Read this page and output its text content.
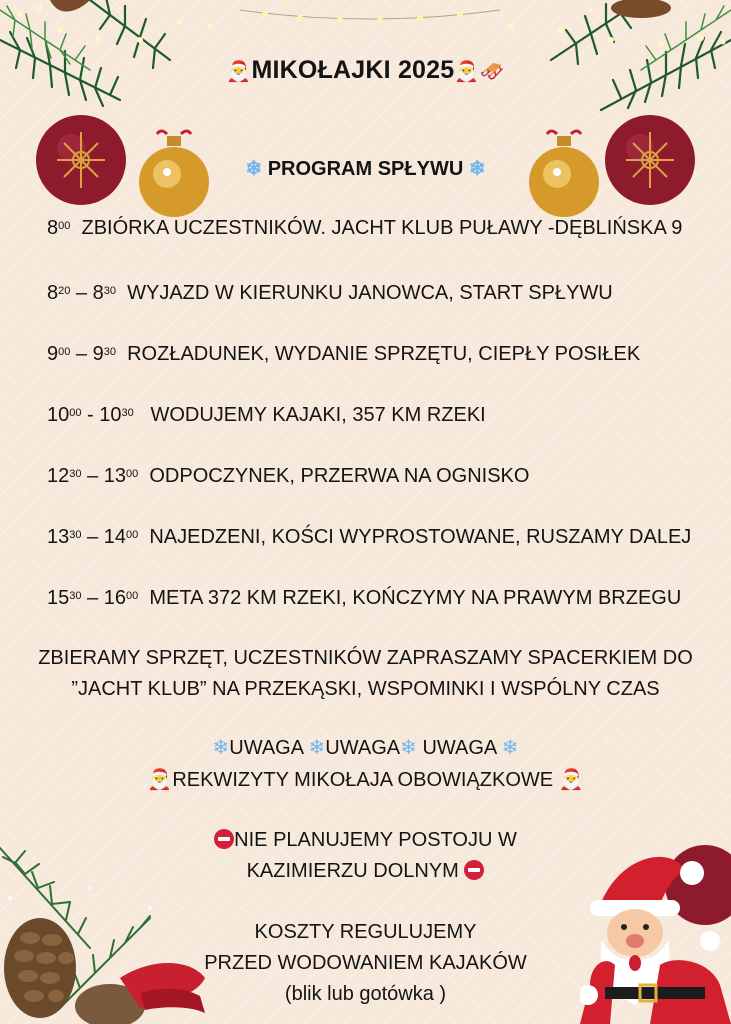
🎅MIKOŁAJKI 2025🎅🛷
❄ PROGRAM SPŁYWU ❄
$8^{00}$ ZBIÓRKA UCZESTNIKÓW. JACHT KLUB PUŁAWY -DĘBLIŃSKA 9
$8^{20} - 8^{30}$ WYJAZD W KIERUNKU JANOWCA, START SPŁYWU
$9^{00} - 9^{30}$ ROZŁADUNEK, WYDANIE SPRZĘTU, CIEPŁY POSIŁEK
$10^{00} - 10^{30}$   WODUJEMY KAJAKI, 357 KM RZEKI
$12^{30} - 13^{00}$ ODPOCZYNEK, PRZERWA NA OGNISKO
$13^{30} - 14^{00}$ NAJEDZENI, KOŚCI WYPROSTOWANE, RUSZAMY DALEJ
$15^{30} - 16^{00}$ META 372 KM RZEKI, KOŃCZYMY NA PRAWYM BRZEGU
ZBIERAMY SPRZĘT, UCZESTNIKÓW ZAPRASZAMY SPACERKIEM DO
”JACHT KLUB” NA PRZEKĄSKI, WSPOMINKI I WSPÓLNY CZAS
❄UWAGA ❄UWAGA❄ UWAGA ❄
🎅REKWIZYTY MIKOŁAJA OBOWIĄZKOWE 🎅
NIE PLANUJEMY POSTOJU W
KAZIMIERZU DOLNYM
KOSZTY REGULUJEMY
PRZED WODOWANIEM KAJAKÓW
(blik lub gotówka )
